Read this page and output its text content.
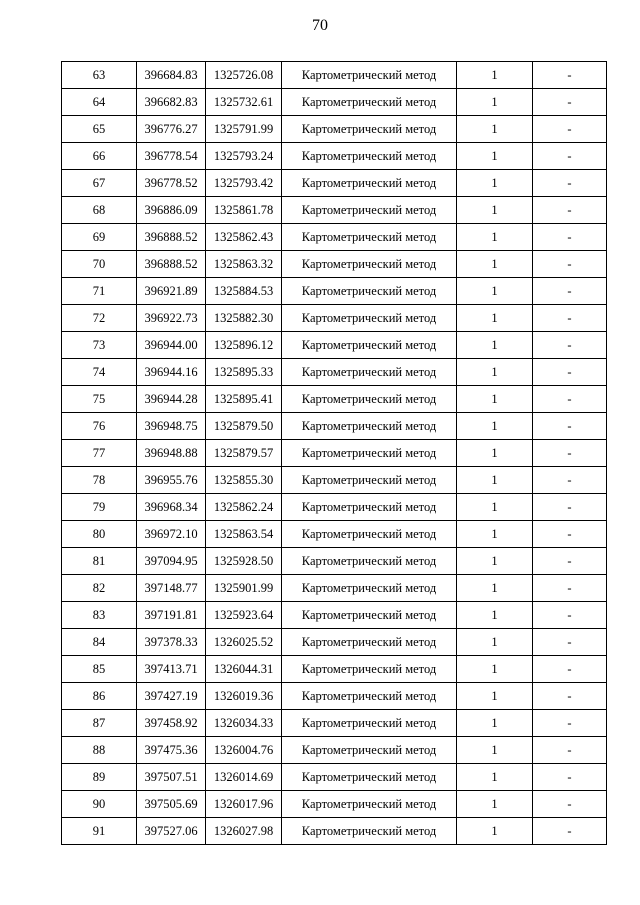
70
63	396684.83	1325726.08	Картометрический метод	1	-
64	396682.83	1325732.61	Картометрический метод	1	-
65	396776.27	1325791.99	Картометрический метод	1	-
66	396778.54	1325793.24	Картометрический метод	1	-
67	396778.52	1325793.42	Картометрический метод	1	-
68	396886.09	1325861.78	Картометрический метод	1	-
69	396888.52	1325862.43	Картометрический метод	1	-
70	396888.52	1325863.32	Картометрический метод	1	-
71	396921.89	1325884.53	Картометрический метод	1	-
72	396922.73	1325882.30	Картометрический метод	1	-
73	396944.00	1325896.12	Картометрический метод	1	-
74	396944.16	1325895.33	Картометрический метод	1	-
75	396944.28	1325895.41	Картометрический метод	1	-
76	396948.75	1325879.50	Картометрический метод	1	-
77	396948.88	1325879.57	Картометрический метод	1	-
78	396955.76	1325855.30	Картометрический метод	1	-
79	396968.34	1325862.24	Картометрический метод	1	-
80	396972.10	1325863.54	Картометрический метод	1	-
81	397094.95	1325928.50	Картометрический метод	1	-
82	397148.77	1325901.99	Картометрический метод	1	-
83	397191.81	1325923.64	Картометрический метод	1	-
84	397378.33	1326025.52	Картометрический метод	1	-
85	397413.71	1326044.31	Картометрический метод	1	-
86	397427.19	1326019.36	Картометрический метод	1	-
87	397458.92	1326034.33	Картометрический метод	1	-
88	397475.36	1326004.76	Картометрический метод	1	-
89	397507.51	1326014.69	Картометрический метод	1	-
90	397505.69	1326017.96	Картометрический метод	1	-
91	397527.06	1326027.98	Картометрический метод	1	-
